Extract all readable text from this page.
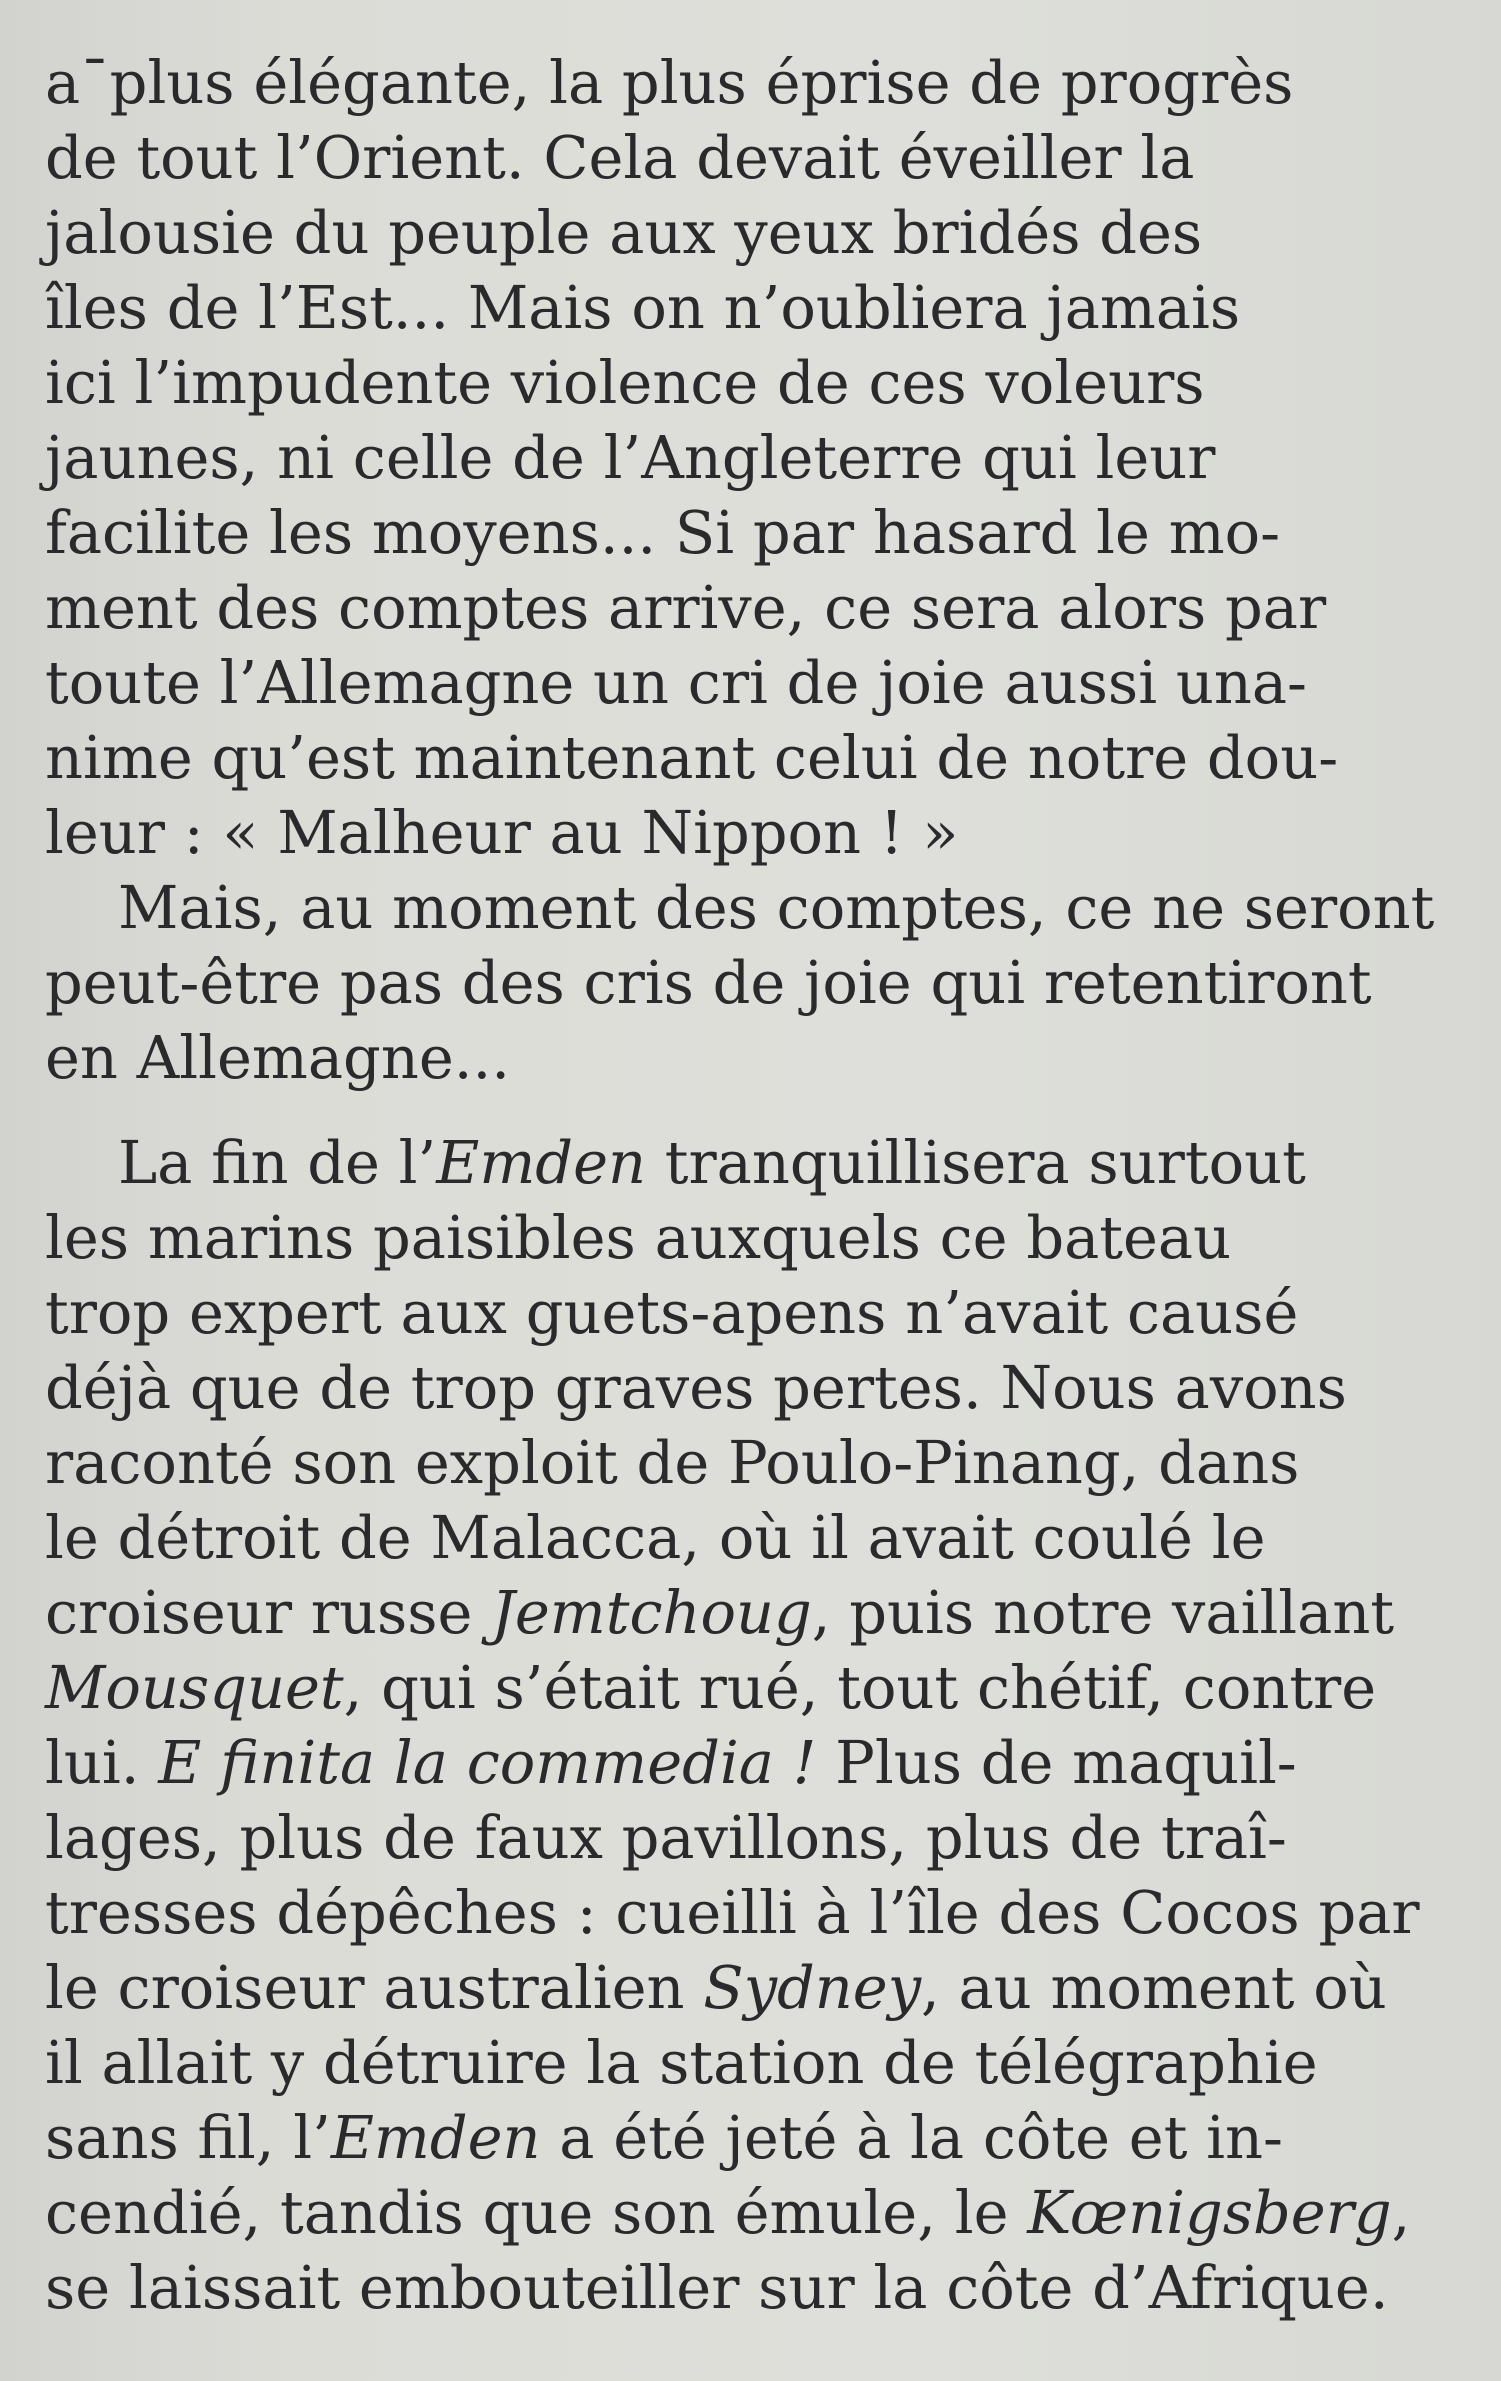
a¯plus élégante, la plus éprise de progrès
de tout l’Orient. Cela devait éveiller la
jalousie du peuple aux yeux bridés des
îles de l’Est... Mais on n’oubliera jamais
ici l’impudente violence de ces voleurs
jaunes, ni celle de l’Angleterre qui leur
facilite les moyens... Si par hasard le mo-
ment des comptes arrive, ce sera alors par
toute l’Allemagne un cri de joie aussi una-
nime qu’est maintenant celui de notre dou-
leur : « Malheur au Nippon ! »
Mais, au moment des comptes, ce ne seront
peut-être pas des cris de joie qui retentiront
en Allemagne...
La fin de l’Emden tranquillisera surtout
les marins paisibles auxquels ce bateau
trop expert aux guets-apens n’avait causé
déjà que de trop graves pertes. Nous avons
raconté son exploit de Poulo-Pinang, dans
le détroit de Malacca, où il avait coulé le
croiseur russe Jemtchoug, puis notre vaillant
Mousquet, qui s’était rué, tout chétif, contre
lui. E finita la commedia ! Plus de maquil-
lages, plus de faux pavillons, plus de traî-
tresses dépêches : cueilli à l’île des Cocos par
le croiseur australien Sydney, au moment où
il allait y détruire la station de télégraphie
sans fil, l’Emden a été jeté à la côte et in-
cendié, tandis que son émule, le Kœnigsberg,
se laissait embouteiller sur la côte d’Afrique.
